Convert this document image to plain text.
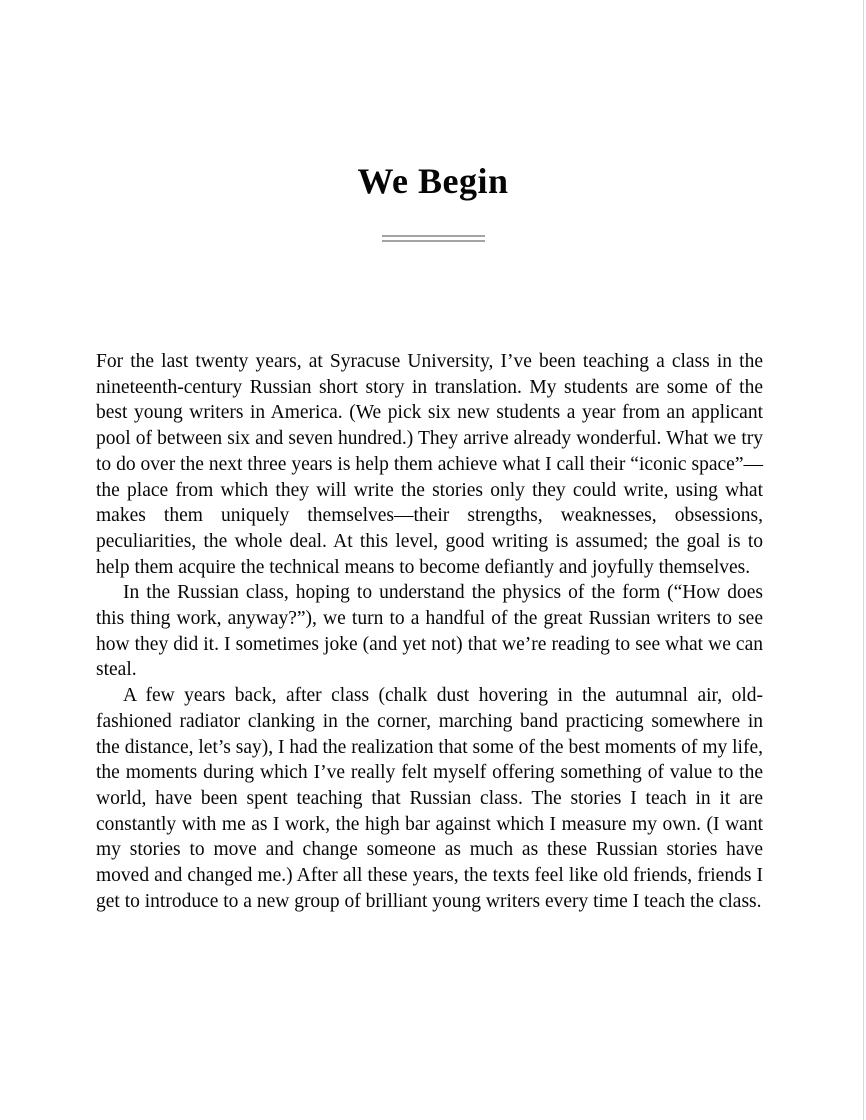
We Begin

For the last twenty years, at Syracuse University, I’ve been teaching a class in the nineteenth-century Russian short story in translation. My students are some of the best young writers in America. (We pick six new students a year from an applicant pool of between six and seven hundred.) They arrive already wonderful. What we try to do over the next three years is help them achieve what I call their “iconic space”—the place from which they will write the stories only they could write, using what makes them uniquely themselves—their strengths, weaknesses, obsessions, peculiarities, the whole deal. At this level, good writing is assumed; the goal is to help them acquire the technical means to become defiantly and joyfully themselves.

In the Russian class, hoping to understand the physics of the form (“How does this thing work, anyway?”), we turn to a handful of the great Russian writers to see how they did it. I sometimes joke (and yet not) that we’re reading to see what we can steal.

A few years back, after class (chalk dust hovering in the autumnal air, old-fashioned radiator clanking in the corner, marching band practicing somewhere in the distance, let’s say), I had the realization that some of the best moments of my life, the moments during which I’ve really felt myself offering something of value to the world, have been spent teaching that Russian class. The stories I teach in it are constantly with me as I work, the high bar against which I measure my own. (I want my stories to move and change someone as much as these Russian stories have moved and changed me.) After all these years, the texts feel like old friends, friends I get to introduce to a new group of brilliant young writers every time I teach the class.
